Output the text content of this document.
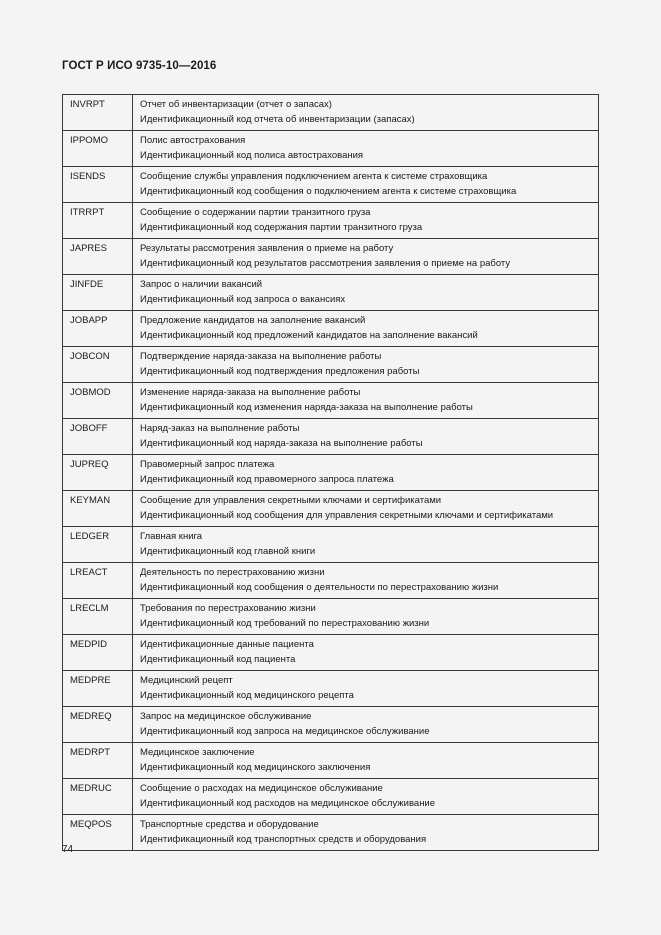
ГОСТ Р ИСО 9735-10—2016
INVRPT	Отчет об инвентаризации (отчет о запасах)
Идентификационный код отчета об инвентаризации (запасах)

IPPOMO	Полис автострахования
Идентификационный код полиса автострахования

ISENDS	Сообщение службы управления подключением агента к системе страховщика
Идентификационный код сообщения о подключением агента к системе страховщика

ITRRPT	Сообщение о содержании партии транзитного груза
Идентификационный код содержания партии транзитного груза

JAPRES	Результаты рассмотрения заявления о приеме на работу
Идентификационный код результатов рассмотрения заявления о приеме на работу

JINFDE	Запрос о наличии вакансий
Идентификационный код запроса о вакансиях

JOBAPP	Предложение кандидатов на заполнение вакансий
Идентификационный код предложений кандидатов на заполнение вакансий

JOBCON	Подтверждение наряда-заказа на выполнение работы
Идентификационный код подтверждения предложения работы

JOBMOD	Изменение наряда-заказа на выполнение работы
Идентификационный код изменения наряда-заказа на выполнение работы

JOBOFF	Наряд-заказ на выполнение работы
Идентификационный код наряда-заказа на выполнение работы

JUPREQ	Правомерный запрос платежа
Идентификационный код правомерного запроса платежа

KEYMAN	Сообщение для управления секретными ключами и сертификатами
Идентификационный код сообщения для управления секретными ключами и сертификатами

LEDGER	Главная книга
Идентификационный код главной книги

LREACT	Деятельность по перестрахованию жизни
Идентификационный код сообщения о деятельности по перестрахованию жизни

LRECLM	Требования по перестрахованию жизни
Идентификационный код требований по перестрахованию жизни

MEDPID	Идентификационные данные пациента
Идентификационный код пациента

MEDPRE	Медицинский рецепт
Идентификационный код медицинского рецепта

MEDREQ	Запрос на медицинское обслуживание
Идентификационный код запроса на медицинское обслуживание

MEDRPT	Медицинское заключение
Идентификационный код медицинского заключения

MEDRUC	Сообщение о расходах на медицинское обслуживание
Идентификационный код расходов на медицинское обслуживание

MEQPOS	Транспортные средства и оборудование
Идентификационный код транспортных средств и оборудования
74
